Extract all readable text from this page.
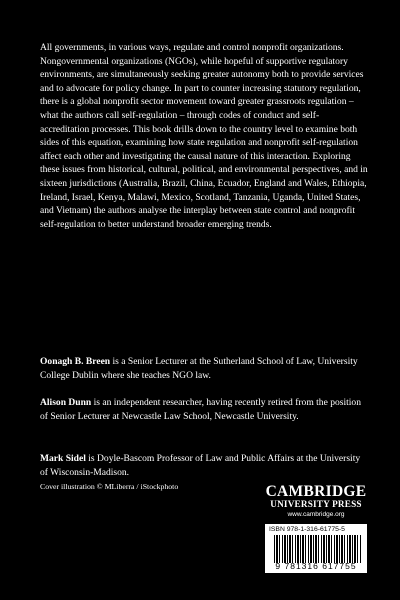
All governments, in various ways, regulate and control nonprofit organizations. Nongovernmental organizations (NGOs), while hopeful of supportive regulatory environments, are simultaneously seeking greater autonomy both to provide services and to advocate for policy change. In part to counter increasing statutory regulation, there is a global nonprofit sector movement toward greater grassroots regulation – what the authors call self-regulation – through codes of conduct and self-accreditation processes. This book drills down to the country level to examine both sides of this equation, examining how state regulation and nonprofit self-regulation affect each other and investigating the causal nature of this interaction. Exploring these issues from historical, cultural, political, and environmental perspectives, and in sixteen jurisdictions (Australia, Brazil, China, Ecuador, England and Wales, Ethiopia, Ireland, Israel, Kenya, Malawi, Mexico, Scotland, Tanzania, Uganda, United States, and Vietnam) the authors analyse the interplay between state control and nonprofit self-regulation to better understand broader emerging trends.

Oonagh B. Breen is a Senior Lecturer at the Sutherland School of Law, University College Dublin where she teaches NGO law.

Alison Dunn is an independent researcher, having recently retired from the position of Senior Lecturer at Newcastle Law School, Newcastle University.

Mark Sidel is Doyle-Bascom Professor of Law and Public Affairs at the University of Wisconsin-Madison.

Cover illustration © MLiberra / iStockphoto	CAMBRIDGE
UNIVERSITY PRESS
www.cambridge.org
ISBN 978-1-316-61775-5
9 781316 617755
